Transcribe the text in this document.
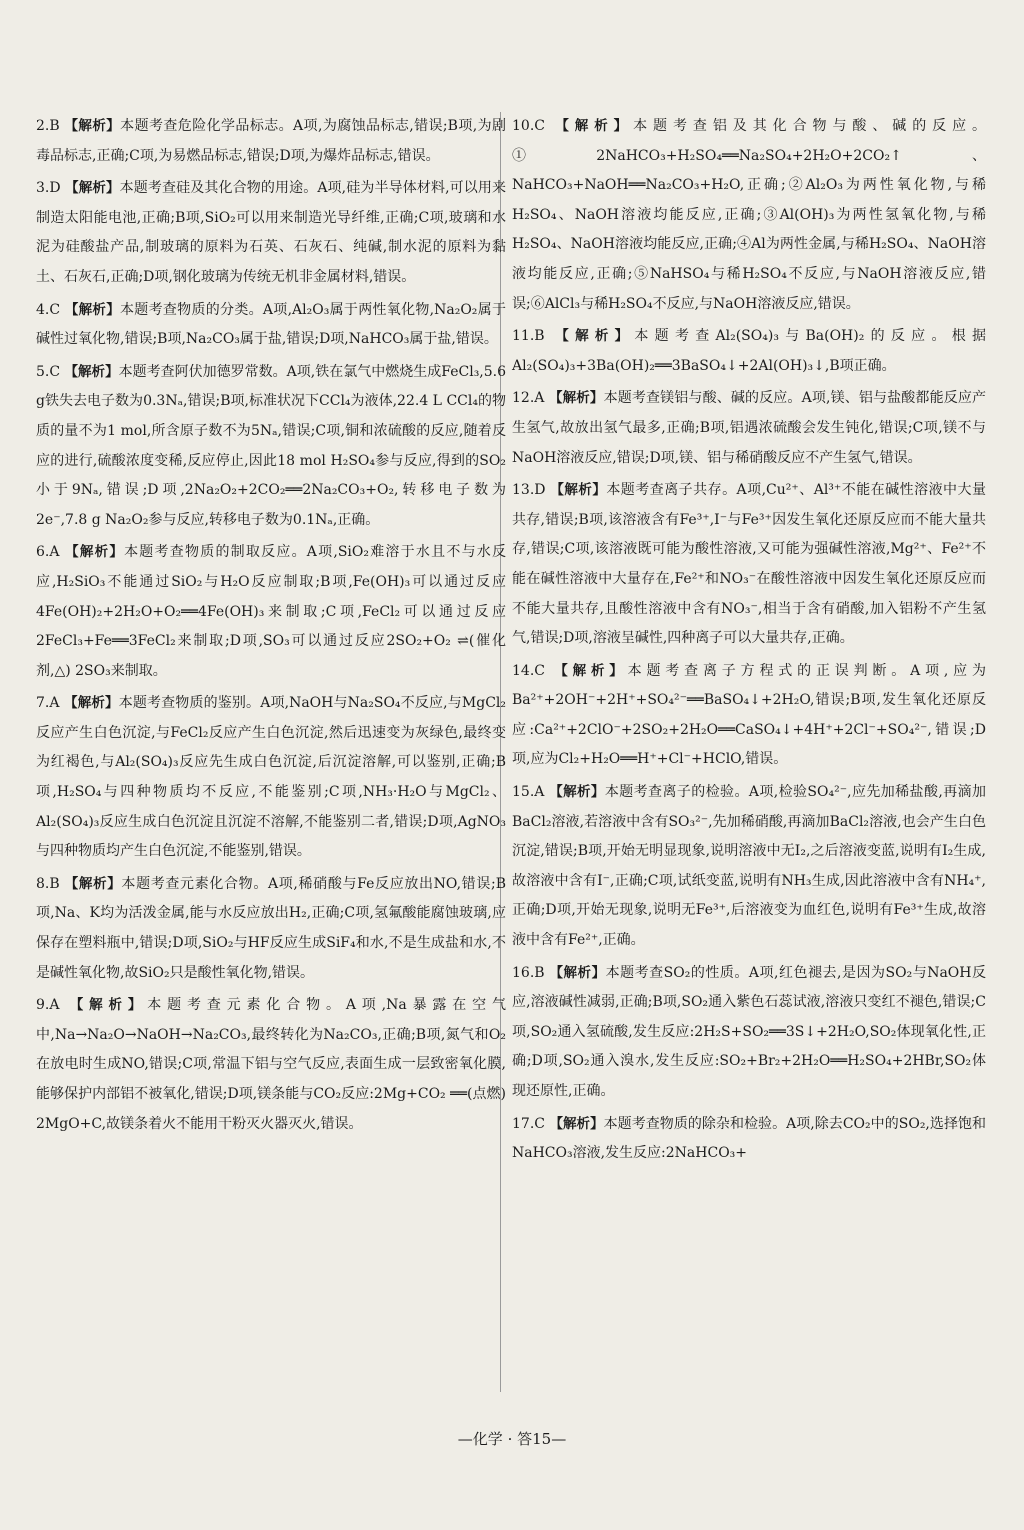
2.B 【解析】本题考查危险化学品标志。A项,为腐蚀品标志,错误;B项,为剧毒品标志,正确;C项,为易燃品标志,错误;D项,为爆炸品标志,错误。

3.D 【解析】本题考查硅及其化合物的用途。A项,硅为半导体材料,可以用来制造太阳能电池,正确;B项,SiO₂可以用来制造光导纤维,正确;C项,玻璃和水泥为硅酸盐产品,制玻璃的原料为石英、石灰石、纯碱,制水泥的原料为黏土、石灰石,正确;D项,钢化玻璃为传统无机非金属材料,错误。

4.C 【解析】本题考查物质的分类。A项,Al₂O₃属于两性氧化物,Na₂O₂属于碱性过氧化物,错误;B项,Na₂CO₃属于盐,错误;D项,NaHCO₃属于盐,错误。

5.C 【解析】本题考查阿伏加德罗常数。A项,铁在氯气中燃烧生成FeCl₃,5.6 g铁失去电子数为0.3Nₐ,错误;B项,标准状况下CCl₄为液体,22.4 L CCl₄的物质的量不为1 mol,所含原子数不为5Nₐ,错误;C项,铜和浓硫酸的反应,随着反应的进行,硫酸浓度变稀,反应停止,因此18 mol H₂SO₄参与反应,得到的SO₂小于9Nₐ,错误;D项,2Na₂O₂+2CO₂══2Na₂CO₃+O₂,转移电子数为2e⁻,7.8 g Na₂O₂参与反应,转移电子数为0.1Nₐ,正确。

6.A 【解析】本题考查物质的制取反应。A项,SiO₂难溶于水且不与水反应,H₂SiO₃不能通过SiO₂与H₂O反应制取;B项,Fe(OH)₃可以通过反应4Fe(OH)₂+2H₂O+O₂══4Fe(OH)₃来制取;C项,FeCl₂可以通过反应2FeCl₃+Fe══3FeCl₂来制取;D项,SO₃可以通过反应2SO₂+O₂ ⇌(催化剂,△) 2SO₃来制取。

7.A 【解析】本题考查物质的鉴别。A项,NaOH与Na₂SO₄不反应,与MgCl₂反应产生白色沉淀,与FeCl₂反应产生白色沉淀,然后迅速变为灰绿色,最终变为红褐色,与Al₂(SO₄)₃反应先生成白色沉淀,后沉淀溶解,可以鉴别,正确;B项,H₂SO₄与四种物质均不反应,不能鉴别;C项,NH₃·H₂O与MgCl₂、Al₂(SO₄)₃反应生成白色沉淀且沉淀不溶解,不能鉴别二者,错误;D项,AgNO₃与四种物质均产生白色沉淀,不能鉴别,错误。

8.B 【解析】本题考查元素化合物。A项,稀硝酸与Fe反应放出NO,错误;B项,Na、K均为活泼金属,能与水反应放出H₂,正确;C项,氢氟酸能腐蚀玻璃,应保存在塑料瓶中,错误;D项,SiO₂与HF反应生成SiF₄和水,不是生成盐和水,不是碱性氧化物,故SiO₂只是酸性氧化物,错误。

9.A 【解析】本题考查元素化合物。A项,Na暴露在空气中,Na→Na₂O→NaOH→Na₂CO₃,最终转化为Na₂CO₃,正确;B项,氮气和O₂在放电时生成NO,错误;C项,常温下铝与空气反应,表面生成一层致密氧化膜,能够保护内部铝不被氧化,错误;D项,镁条能与CO₂反应:2Mg+CO₂ ══(点燃) 2MgO+C,故镁条着火不能用干粉灭火器灭火,错误。

10.C 【解析】本题考查铝及其化合物与酸、碱的反应。①2NaHCO₃+H₂SO₄══Na₂SO₄+2H₂O+2CO₂↑、NaHCO₃+NaOH══Na₂CO₃+H₂O,正确;②Al₂O₃为两性氧化物,与稀H₂SO₄、NaOH溶液均能反应,正确;③Al(OH)₃为两性氢氧化物,与稀H₂SO₄、NaOH溶液均能反应,正确;④Al为两性金属,与稀H₂SO₄、NaOH溶液均能反应,正确;⑤NaHSO₄与稀H₂SO₄不反应,与NaOH溶液反应,错误;⑥AlCl₃与稀H₂SO₄不反应,与NaOH溶液反应,错误。

11.B 【解析】本题考查Al₂(SO₄)₃与Ba(OH)₂的反应。根据Al₂(SO₄)₃+3Ba(OH)₂══3BaSO₄↓+2Al(OH)₃↓,B项正确。

12.A 【解析】本题考查镁铝与酸、碱的反应。A项,镁、铝与盐酸都能反应产生氢气,故放出氢气最多,正确;B项,铝遇浓硫酸会发生钝化,错误;C项,镁不与NaOH溶液反应,错误;D项,镁、铝与稀硝酸反应不产生氢气,错误。

13.D 【解析】本题考查离子共存。A项,Cu²⁺、Al³⁺不能在碱性溶液中大量共存,错误;B项,该溶液含有Fe³⁺,I⁻与Fe³⁺因发生氧化还原反应而不能大量共存,错误;C项,该溶液既可能为酸性溶液,又可能为强碱性溶液,Mg²⁺、Fe²⁺不能在碱性溶液中大量存在,Fe²⁺和NO₃⁻在酸性溶液中因发生氧化还原反应而不能大量共存,且酸性溶液中含有NO₃⁻,相当于含有硝酸,加入铝粉不产生氢气,错误;D项,溶液呈碱性,四种离子可以大量共存,正确。

14.C 【解析】本题考查离子方程式的正误判断。A项,应为Ba²⁺+2OH⁻+2H⁺+SO₄²⁻══BaSO₄↓+2H₂O,错误;B项,发生氧化还原反应:Ca²⁺+2ClO⁻+2SO₂+2H₂O══CaSO₄↓+4H⁺+2Cl⁻+SO₄²⁻,错误;D项,应为Cl₂+H₂O══H⁺+Cl⁻+HClO,错误。

15.A 【解析】本题考查离子的检验。A项,检验SO₄²⁻,应先加稀盐酸,再滴加BaCl₂溶液,若溶液中含有SO₃²⁻,先加稀硝酸,再滴加BaCl₂溶液,也会产生白色沉淀,错误;B项,开始无明显现象,说明溶液中无I₂,之后溶液变蓝,说明有I₂生成,故溶液中含有I⁻,正确;C项,试纸变蓝,说明有NH₃生成,因此溶液中含有NH₄⁺,正确;D项,开始无现象,说明无Fe³⁺,后溶液变为血红色,说明有Fe³⁺生成,故溶液中含有Fe²⁺,正确。

16.B 【解析】本题考查SO₂的性质。A项,红色褪去,是因为SO₂与NaOH反应,溶液碱性减弱,正确;B项,SO₂通入紫色石蕊试液,溶液只变红不褪色,错误;C项,SO₂通入氢硫酸,发生反应:2H₂S+SO₂══3S↓+2H₂O,SO₂体现氧化性,正确;D项,SO₂通入溴水,发生反应:SO₂+Br₂+2H₂O══H₂SO₄+2HBr,SO₂体现还原性,正确。

17.C 【解析】本题考查物质的除杂和检验。A项,除去CO₂中的SO₂,选择饱和NaHCO₃溶液,发生反应:2NaHCO₃+

—化学 · 答15—
